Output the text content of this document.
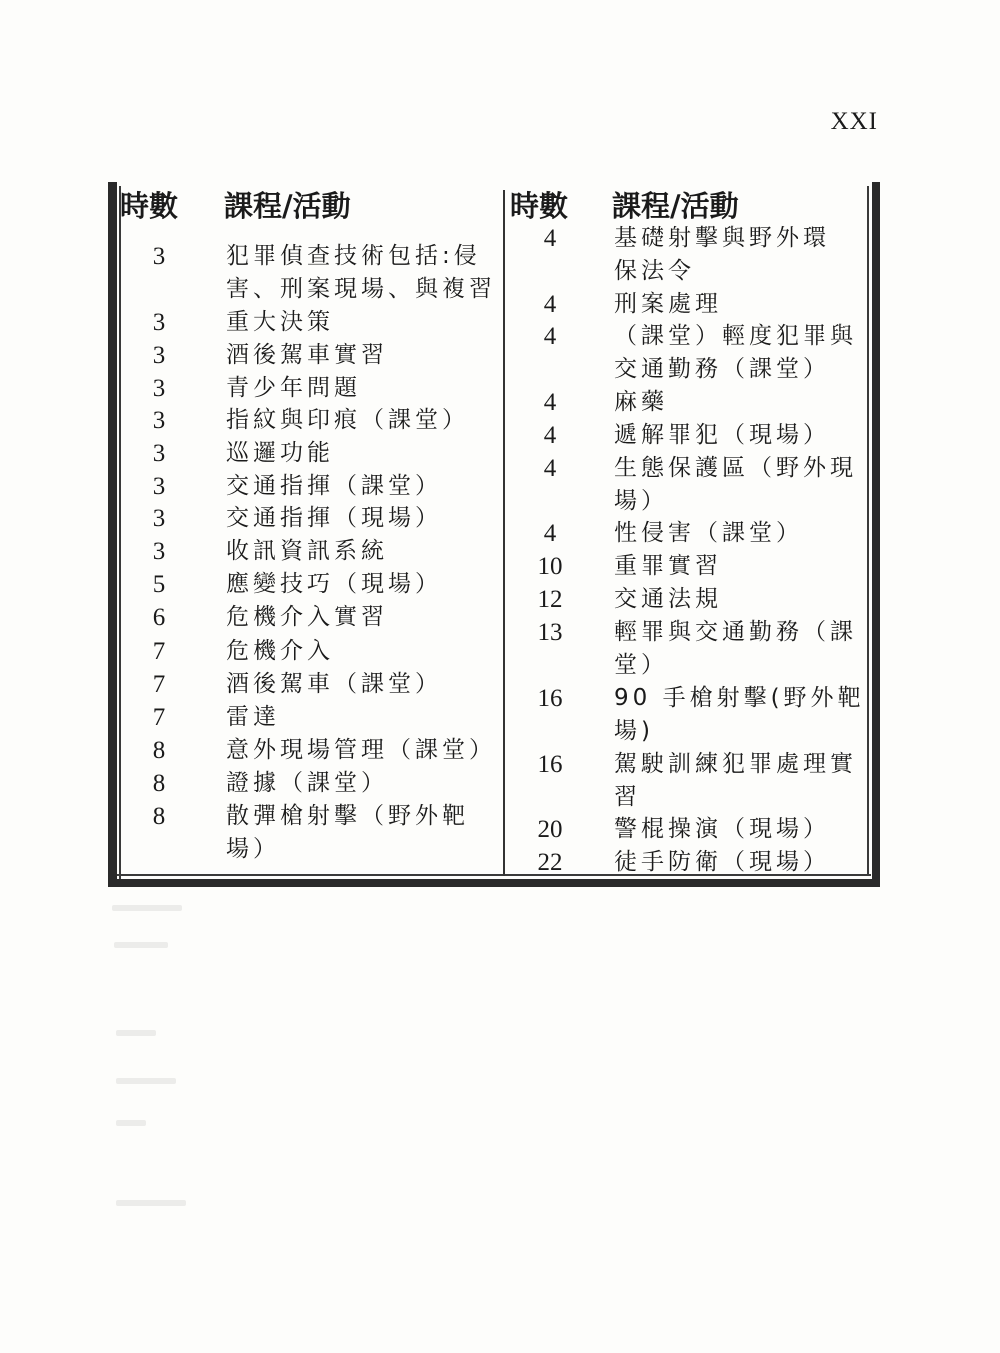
XXI
時數 課程/活動	時數 課程/活動
3	犯罪偵查技術包括:侵
害、刑案現場、與複習
3	重大決策
3	酒後駕車實習
3	青少年問題
3	指紋與印痕（課堂）
3	巡邏功能
3	交通指揮（課堂）
3	交通指揮（現場）
3	收訊資訊系統
5	應變技巧（現場）
6	危機介入實習
7	危機介入
7	酒後駕車（課堂）
7	雷達
8	意外現場管理（課堂）
8	證據（課堂）
8	散彈槍射擊（野外靶
場）
4	基礎射擊與野外環
保法令
4	刑案處理
4	（課堂）輕度犯罪與
交通勤務（課堂）
4	麻藥
4	遞解罪犯（現場）
4	生態保護區（野外現
場）
4	性侵害（課堂）
10	重罪實習
12	交通法規
13	輕罪與交通勤務（課
堂）
16	90 手槍射擊(野外靶
場)
16	駕駛訓練犯罪處理實
習
20	警棍操演（現場）
22	徒手防衛（現場）
